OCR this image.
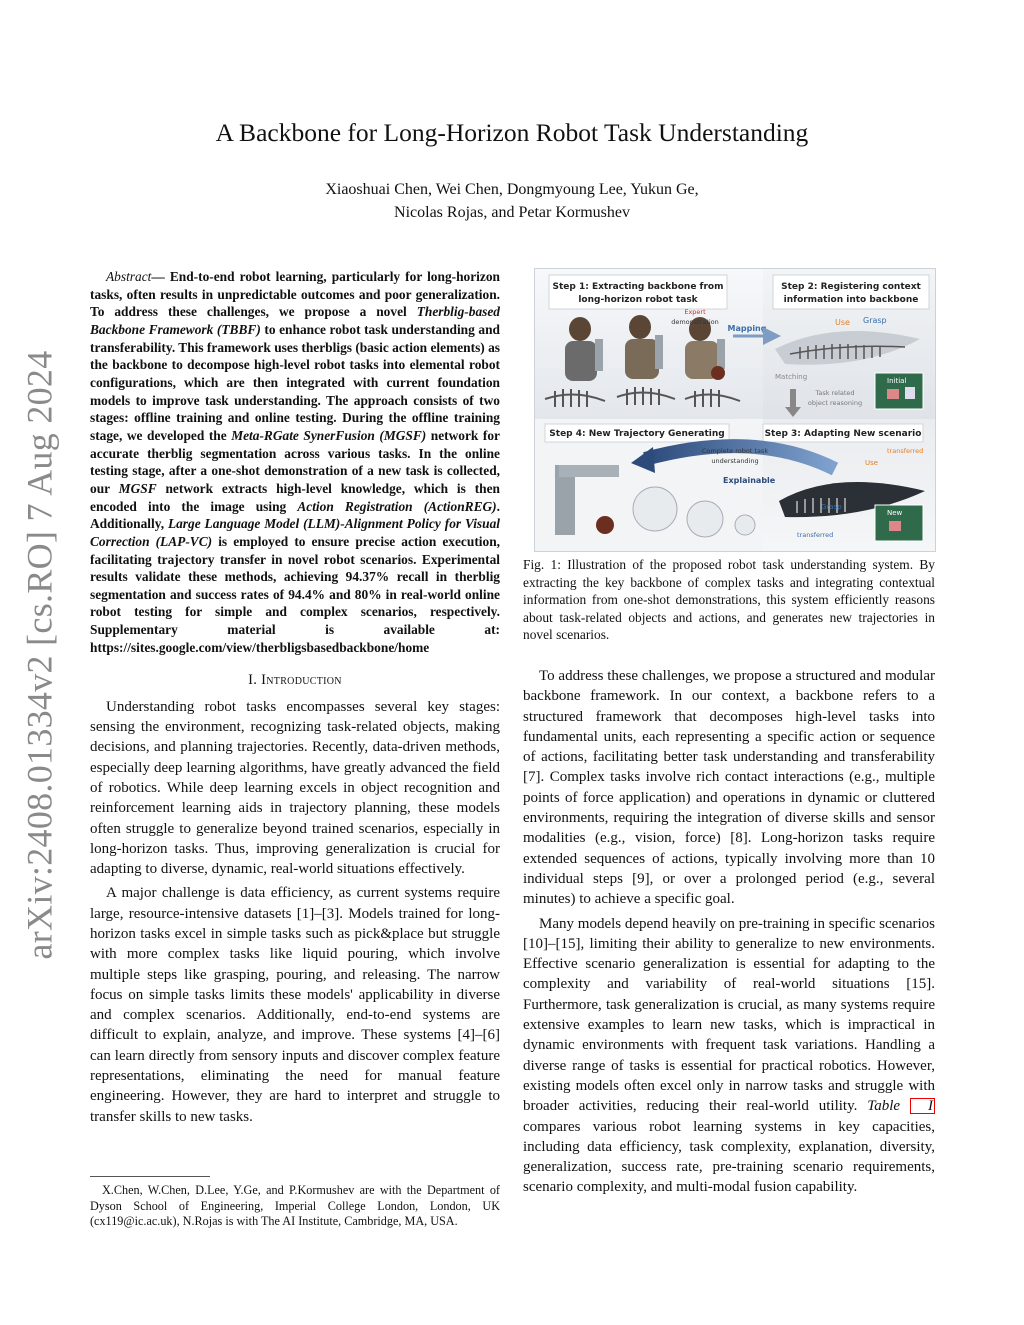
arXiv:2408.01334v2 [cs.RO] 7 Aug 2024
A Backbone for Long-Horizon Robot Task Understanding
Xiaoshuai Chen, Wei Chen, Dongmyoung Lee, Yukun Ge,
Nicolas Rojas, and Petar Kormushev
Abstract— End-to-end robot learning, particularly for long-horizon tasks, often results in unpredictable outcomes and poor generalization. To address these challenges, we propose a novel Therblig-based Backbone Framework (TBBF) to enhance robot task understanding and transferability. This framework uses therbligs (basic action elements) as the backbone to decompose high-level robot tasks into elemental robot configurations, which are then integrated with current foundation models to improve task understanding. The approach consists of two stages: offline training and online testing. During the offline training stage, we developed the Meta-RGate SynerFusion (MGSF) network for accurate therblig segmentation across various tasks. In the online testing stage, after a one-shot demonstration of a new task is collected, our MGSF network extracts high-level knowledge, which is then encoded into the image using Action Registration (ActionREG). Additionally, Large Language Model (LLM)-Alignment Policy for Visual Correction (LAP-VC) is employed to ensure precise action execution, facilitating trajectory transfer in novel robot scenarios. Experimental results validate these methods, achieving 94.37% recall in therblig segmentation and success rates of 94.4% and 80% in real-world online robot testing for simple and complex scenarios, respectively. Supplementary material is available at: https://sites.google.com/view/therbligsbasedbackbone/home
I. Introduction

Understanding robot tasks encompasses several key stages: sensing the environment, recognizing task-related objects, making decisions, and planning trajectories. Recently, data-driven methods, especially deep learning algorithms, have greatly advanced the field of robotics. While deep learning excels in object recognition and reinforcement learning aids in trajectory planning, these models often struggle to generalize beyond trained scenarios, especially in long-horizon tasks. Thus, improving generalization is crucial for adapting to diverse, dynamic, real-world situations effectively.

A major challenge is data efficiency, as current systems require large, resource-intensive datasets [1]–[3]. Models trained for long-horizon tasks excel in simple tasks such as pick&place but struggle with more complex tasks like liquid pouring, which involve multiple steps like grasping, pouring, and releasing. The narrow focus on simple tasks limits these models' applicability in diverse and complex scenarios. Additionally, end-to-end systems are difficult to explain, analyze, and improve. These systems [4]–[6] can learn directly from sensory inputs and discover complex feature representations, eliminating the need for manual feature engineering. However, they are hard to interpret and struggle to transfer skills to new tasks.

X.Chen, W.Chen, D.Lee, Y.Ge, and P.Kormushev are with the Department of Dyson School of Engineering, Imperial College London, London, UK (cx119@ic.ac.uk), N.Rojas is with The AI Institute, Cambridge, MA, USA.
Step 1: Extracting backbone from
long-horizon robot task
Step 2: Registering context
information into backbone
Expert
demonstration
Mapping
Use Grasp
Matching
Task related
object reasoning
Initial
Step 4: New Trajectory Generating	Step 3: Adapting New scenario
Complete robot task
understanding
Explainable
Use
transferred
Grasp
transferred
New
Fig. 1: Illustration of the proposed robot task understanding system. By extracting the key backbone of complex tasks and integrating contextual information from one-shot demonstrations, this system efficiently reasons about task-related objects and actions, and generates new trajectories in novel scenarios.

To address these challenges, we propose a structured and modular backbone framework. In our context, a backbone refers to a structured framework that decomposes high-level tasks into fundamental units, each representing a specific action or sequence of actions, facilitating better task understanding and transferability [7]. Complex tasks involve rich contact interactions (e.g., multiple points of force application) and operations in dynamic or cluttered environments, requiring the integration of diverse skills and sensor modalities (e.g., vision, force) [8]. Long-horizon tasks require extended sequences of actions, typically involving more than 10 individual steps [9], or over a prolonged period (e.g., several minutes) to achieve a specific goal.

Many models depend heavily on pre-training in specific scenarios [10]–[15], limiting their ability to generalize to new environments. Effective scenario generalization is essential for adapting to the complexity and variability of real-world situations [15]. Furthermore, task generalization is crucial, as many systems require extensive examples to learn new tasks, which is impractical in dynamic environments with frequent task variations. Handling a diverse range of tasks is essential for practical robotics. However, existing models often excel only in narrow tasks and struggle with broader activities, reducing their real-world utility. Table I compares various robot learning systems in key capacities, including data efficiency, task complexity, explanation, diversity, generalization, success rate, pre-training scenario requirements, scenario complexity, and multi-modal fusion capability.
